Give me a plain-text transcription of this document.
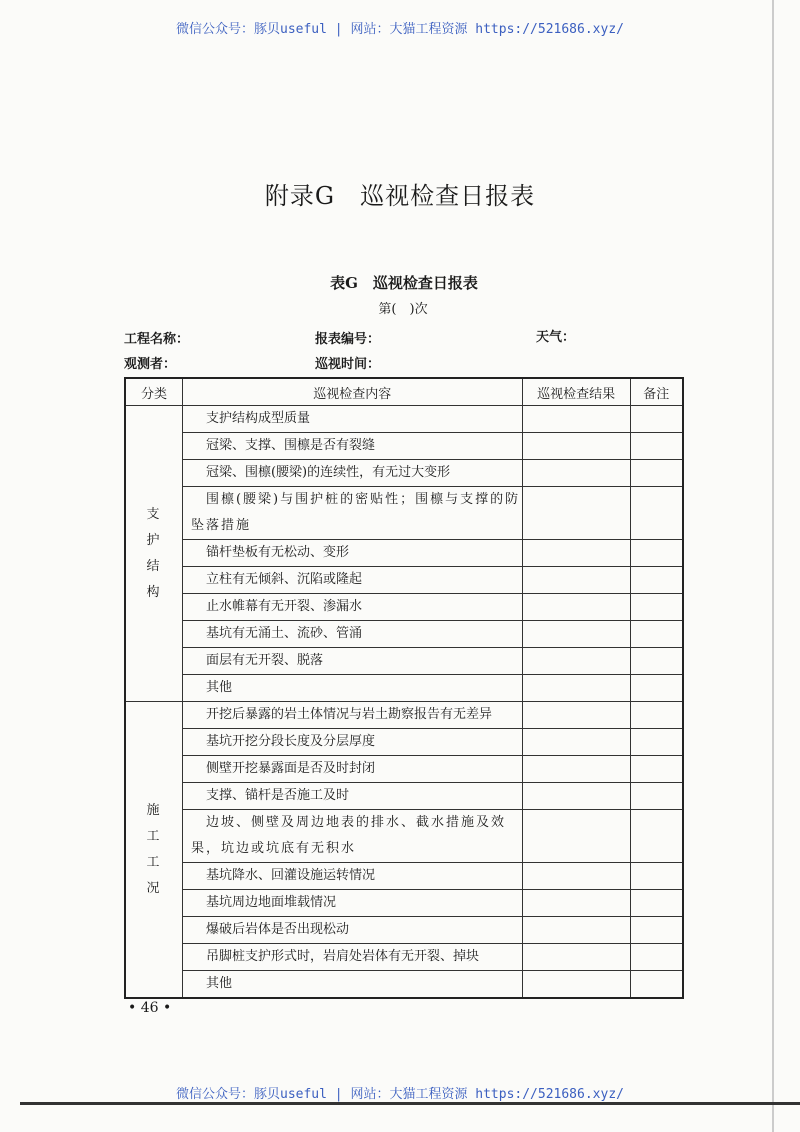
微信公众号：豚贝useful | 网站：大猫工程资源 https://521686.xyz/
附录G　巡视检查日报表
表G　巡视检查日报表
第(　)次
工程名称：	报表编号：	天气：
观测者：	巡视时间：
分类	巡视检查内容	巡视检查结果	备注
支护结构	支护结构成型质量		
	冠梁、支撑、围檩是否有裂缝		
	冠梁、围檩(腰梁)的连续性，有无过大变形		
	围檩(腰梁)与围护桩的密贴性；围檩与支撑的防坠落措施		
	锚杆垫板有无松动、变形		
	立柱有无倾斜、沉陷或隆起		
	止水帷幕有无开裂、渗漏水		
	基坑有无涌土、流砂、管涌		
	面层有无开裂、脱落		
	其他		
施工工况	开挖后暴露的岩土体情况与岩土勘察报告有无差异		
	基坑开挖分段长度及分层厚度		
	侧壁开挖暴露面是否及时封闭		
	支撑、锚杆是否施工及时		
	边坡、侧壁及周边地表的排水、截水措施及效果，坑边或坑底有无积水		
	基坑降水、回灌设施运转情况		
	基坑周边地面堆载情况		
	爆破后岩体是否出现松动		
	吊脚桩支护形式时，岩肩处岩体有无开裂、掉块		
	其他		
• 46 •
微信公众号：豚贝useful | 网站：大猫工程资源 https://521686.xyz/
